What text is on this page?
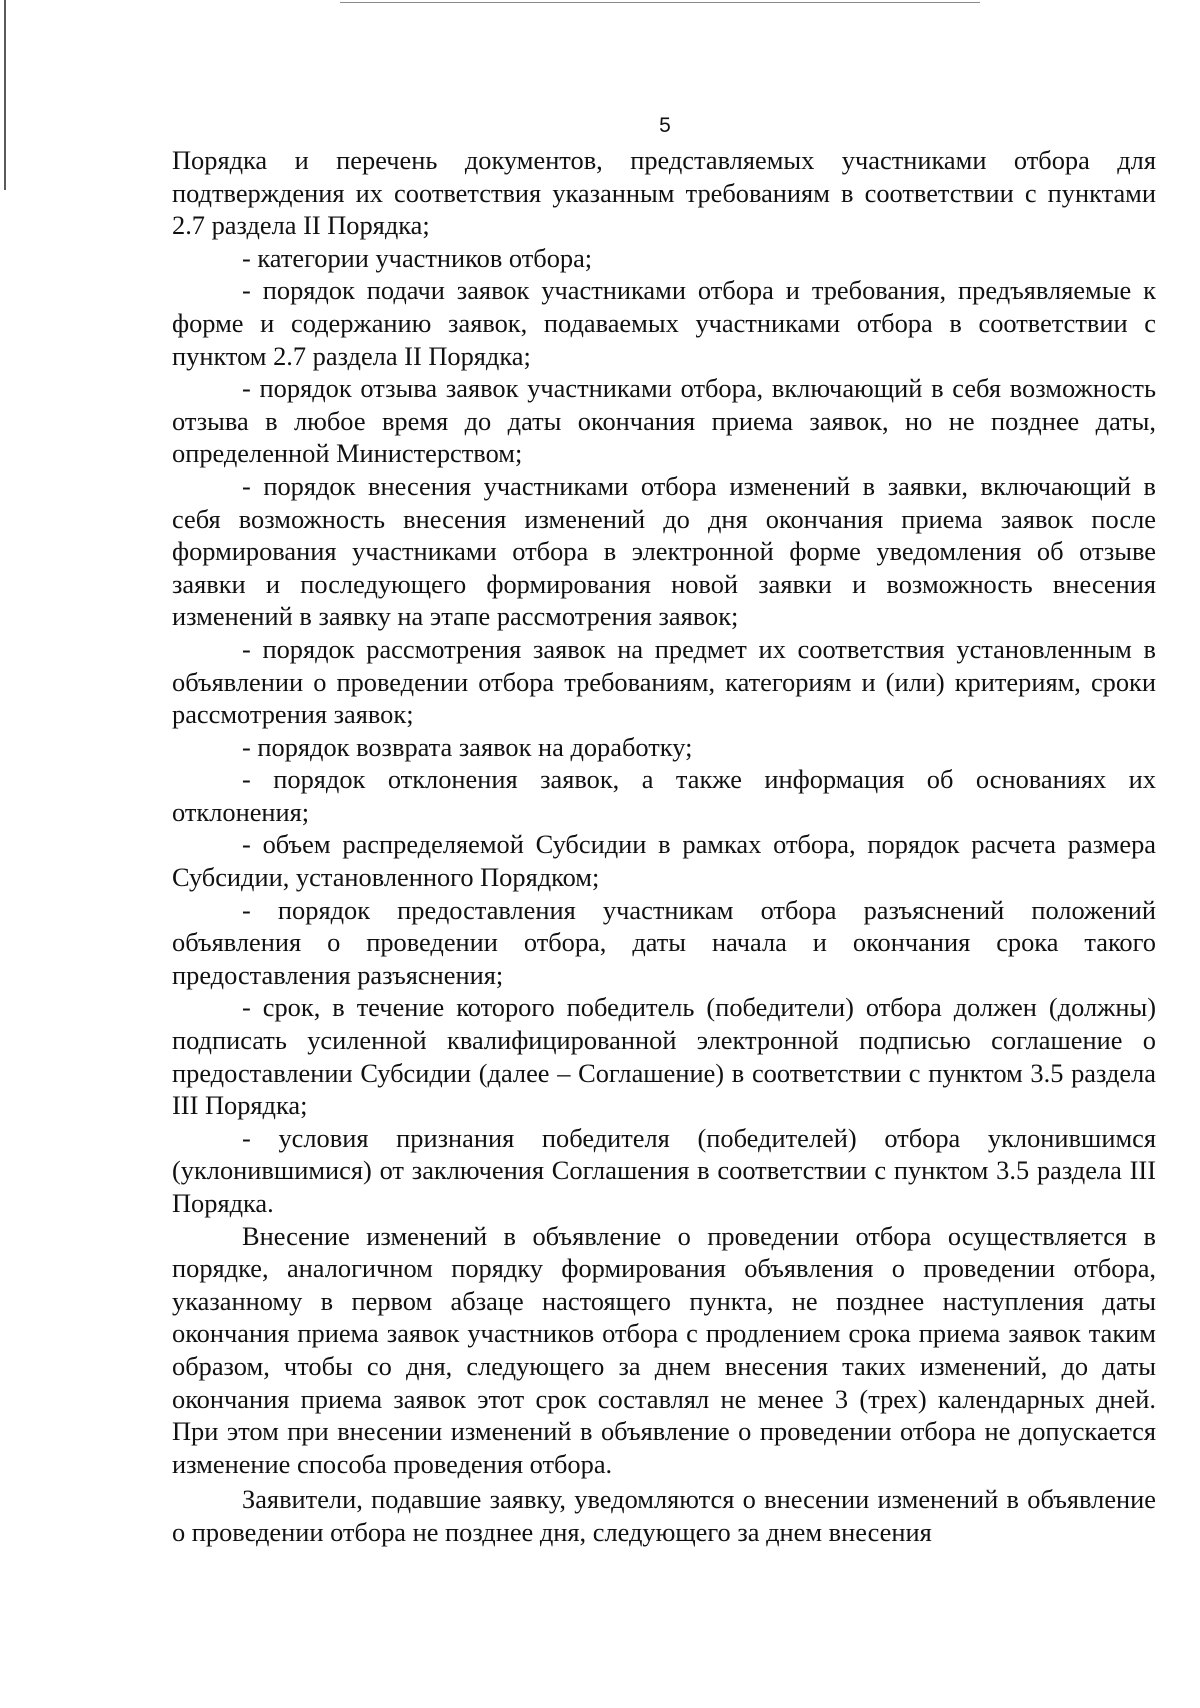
5

Порядка и перечень документов, представляемых участниками отбора для подтверждения их соответствия указанным требованиям в соответствии с пунктами 2.7 раздела II Порядка;

- категории участников отбора;

- порядок подачи заявок участниками отбора и требования, предъявляемые к форме и содержанию заявок, подаваемых участниками отбора в соответствии с пунктом 2.7 раздела II Порядка;

- порядок отзыва заявок участниками отбора, включающий в себя возможность отзыва в любое время до даты окончания приема заявок, но не позднее даты, определенной Министерством;

- порядок внесения участниками отбора изменений в заявки, включающий в себя возможность внесения изменений до дня окончания приема заявок после формирования участниками отбора в электронной форме уведомления об отзыве заявки и последующего формирования новой заявки и возможность внесения изменений в заявку на этапе рассмотрения заявок;

- порядок рассмотрения заявок на предмет их соответствия установленным в объявлении о проведении отбора требованиям, категориям и (или) критериям, сроки рассмотрения заявок;

- порядок возврата заявок на доработку;

- порядок отклонения заявок, а также информация об основаниях их отклонения;

- объем распределяемой Субсидии в рамках отбора, порядок расчета размера Субсидии, установленного Порядком;

- порядок предоставления участникам отбора разъяснений положений объявления о проведении отбора, даты начала и окончания срока такого предоставления разъяснения;

- срок, в течение которого победитель (победители) отбора должен (должны) подписать усиленной квалифицированной электронной подписью соглашение о предоставлении Субсидии (далее – Соглашение) в соответствии с пунктом 3.5 раздела III Порядка;

- условия признания победителя (победителей) отбора уклонившимся (уклонившимися) от заключения Соглашения в соответствии с пунктом 3.5 раздела III Порядка.

Внесение изменений в объявление о проведении отбора осуществляется в порядке, аналогичном порядку формирования объявления о проведении отбора, указанному в первом абзаце настоящего пункта, не позднее наступления даты окончания приема заявок участников отбора с продлением срока приема заявок таким образом, чтобы со дня, следующего за днем внесения таких изменений, до даты окончания приема заявок этот срок составлял не менее 3 (трех) календарных дней. При этом при внесении изменений в объявление о проведении отбора не допускается изменение способа проведения отбора.

Заявители, подавшие заявку, уведомляются о внесении изменений в объявление о проведении отбора не позднее дня, следующего за днем внесения
